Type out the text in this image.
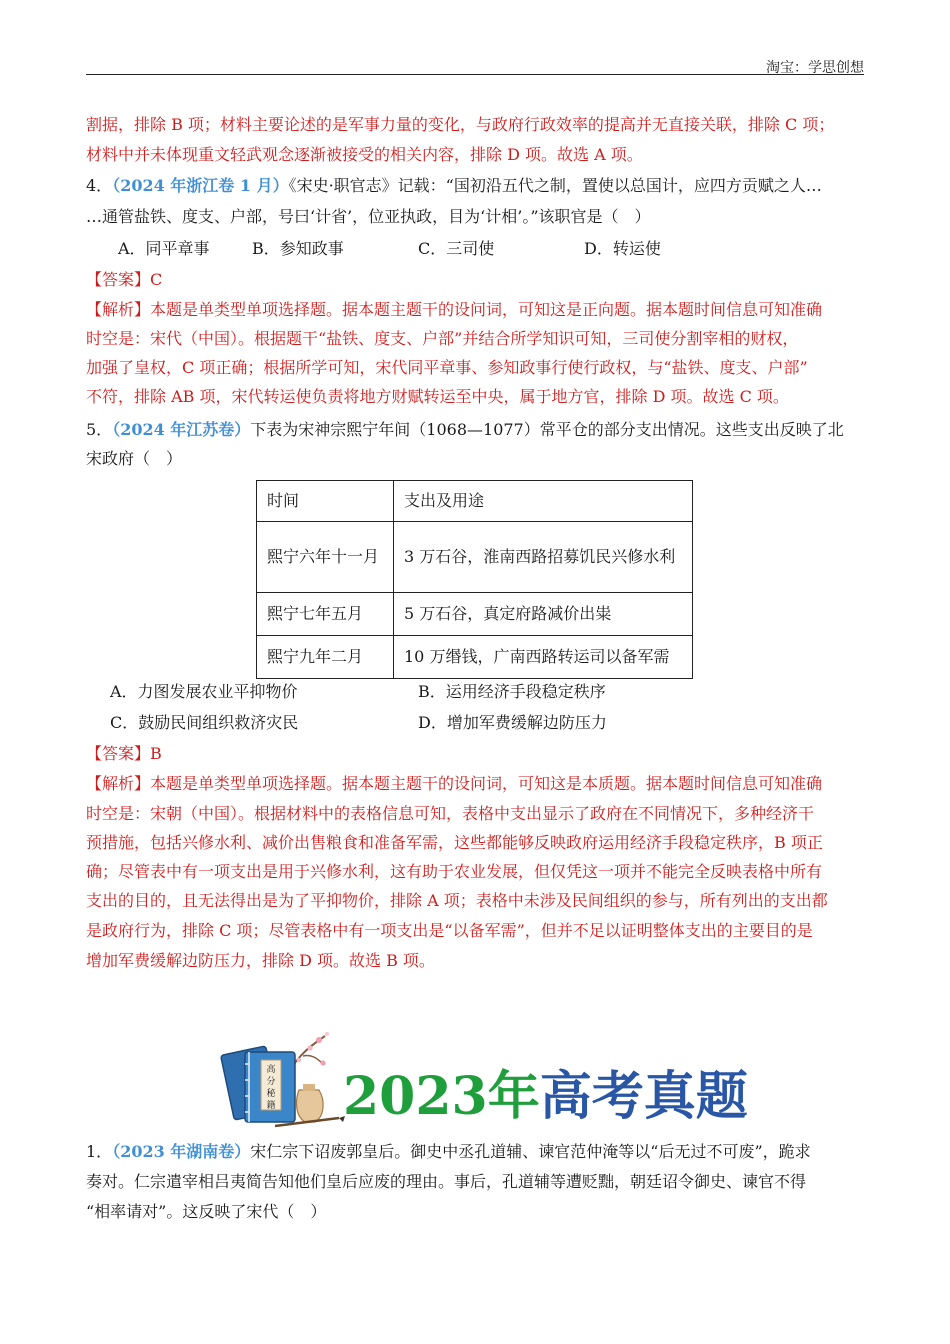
淘宝：学思创想
割据，排除 B 项；材料主要论述的是军事力量的变化，与政府行政效率的提高并无直接关联，排除 C 项；
材料中并未体现重文轻武观念逐渐被接受的相关内容，排除 D 项。故选 A 项。
4．（2024 年浙江卷 1 月）《宋史·职官志》记载：“国初沿五代之制，置使以总国计，应四方贡赋之人…
…通管盐铁、度支、户部，号曰‘计省’，位亚执政，目为‘计相’。”该职官是（　）
A．同平章事	B．参知政事	C．三司使	D．转运使
【答案】C
【解析】本题是单类型单项选择题。据本题主题干的设问词，可知这是正向题。据本题时间信息可知准确
时空是：宋代（中国）。根据题干“盐铁、度支、户部”并结合所学知识可知，三司使分割宰相的财权，
加强了皇权，C 项正确；根据所学可知，宋代同平章事、参知政事行使行政权，与“盐铁、度支、户部”
不符，排除 AB 项，宋代转运使负责将地方财赋转运至中央，属于地方官，排除 D 项。故选 C 项。
5．（2024 年江苏卷）下表为宋神宗熙宁年间（1068—1077）常平仓的部分支出情况。这些支出反映了北
宋政府（　）
时间	支出及用途
熙宁六年十一月	3 万石谷，淮南西路招募饥民兴修水利
熙宁七年五月	5 万石谷，真定府路减价出粜
熙宁九年二月	10 万缗钱，广南西路转运司以备军需
A．力图发展农业平抑物价	B．运用经济手段稳定秩序
C．鼓励民间组织救济灾民	D．增加军费缓解边防压力
【答案】B
【解析】本题是单类型单项选择题。据本题主题干的设问词，可知这是本质题。据本题时间信息可知准确
时空是：宋朝（中国）。根据材料中的表格信息可知，表格中支出显示了政府在不同情况下，多种经济干
预措施，包括兴修水利、减价出售粮食和准备军需，这些都能够反映政府运用经济手段稳定秩序，B 项正
确；尽管表中有一项支出是用于兴修水利，这有助于农业发展，但仅凭这一项并不能完全反映表格中所有
支出的目的，且无法得出是为了平抑物价，排除 A 项；表格中未涉及民间组织的参与，所有列出的支出都
是政府行为，排除 C 项；尽管表格中有一项支出是“以备军需”，但并不足以证明整体支出的主要目的是
增加军费缓解边防压力，排除 D 项。故选 B 项。
高
分
秘
籍 2023年高考真题
1．（2023 年湖南卷）宋仁宗下诏废郭皇后。御史中丞孔道辅、谏官范仲淹等以“后无过不可废”，跪求
奏对。仁宗遣宰相吕夷简告知他们皇后应废的理由。事后，孔道辅等遭贬黜，朝廷诏令御史、谏官不得
“相率请对”。这反映了宋代（　）
